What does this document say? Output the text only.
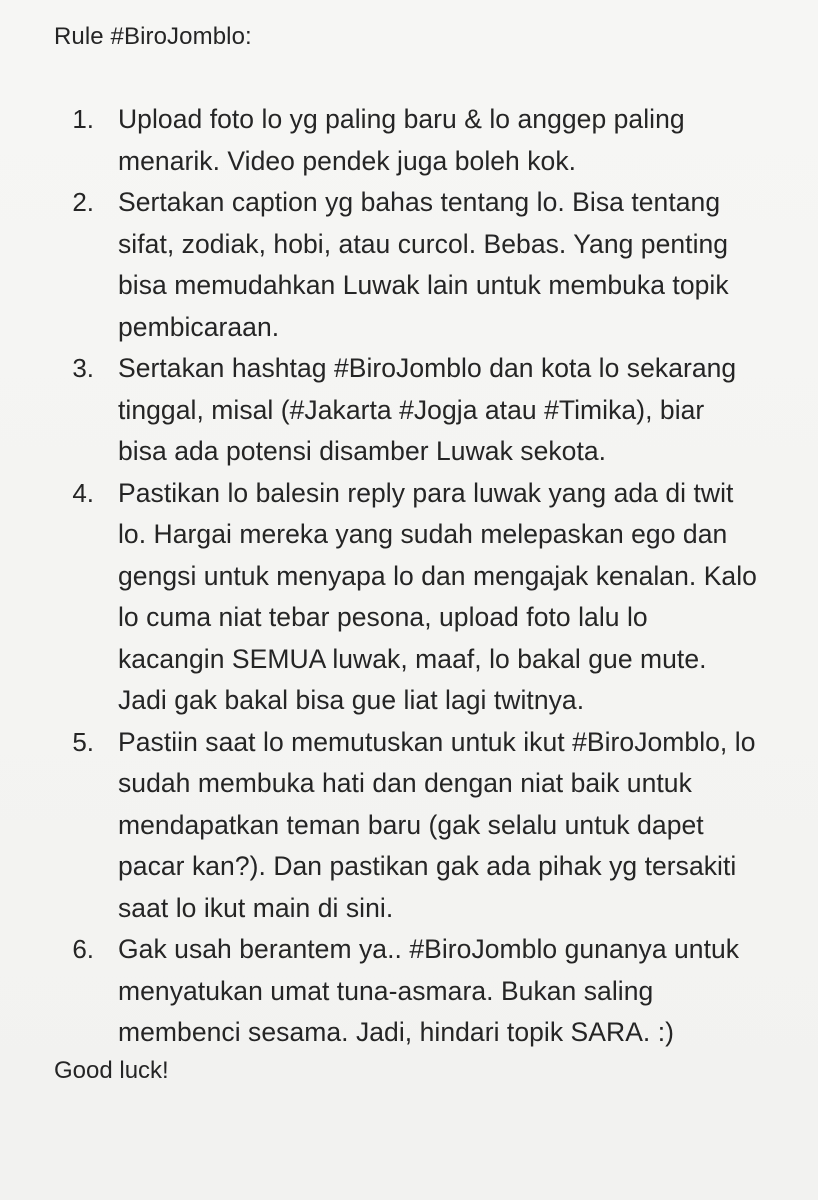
Rule #BiroJomblo:
1. Upload foto lo yg paling baru & lo anggep paling menarik. Video pendek juga boleh kok.
2. Sertakan caption yg bahas tentang lo. Bisa tentang sifat, zodiak, hobi, atau curcol. Bebas. Yang penting bisa memudahkan Luwak lain untuk membuka topik pembicaraan.
3. Sertakan hashtag #BiroJomblo dan kota lo sekarang tinggal, misal (#Jakarta #Jogja atau #Timika), biar bisa ada potensi disamber Luwak sekota.
4. Pastikan lo balesin reply para luwak yang ada di twit lo. Hargai mereka yang sudah melepaskan ego dan gengsi untuk menyapa lo dan mengajak kenalan. Kalo lo cuma niat tebar pesona, upload foto lalu lo kacangin SEMUA luwak, maaf, lo bakal gue mute. Jadi gak bakal bisa gue liat lagi twitnya.
5. Pastiin saat lo memutuskan untuk ikut #BiroJomblo, lo sudah membuka hati dan dengan niat baik untuk mendapatkan teman baru (gak selalu untuk dapet pacar kan?). Dan pastikan gak ada pihak yg tersakiti saat lo ikut main di sini.
6. Gak usah berantem ya.. #BiroJomblo gunanya untuk menyatukan umat tuna-asmara. Bukan saling membenci sesama. Jadi, hindari topik SARA. :)
Good luck!
